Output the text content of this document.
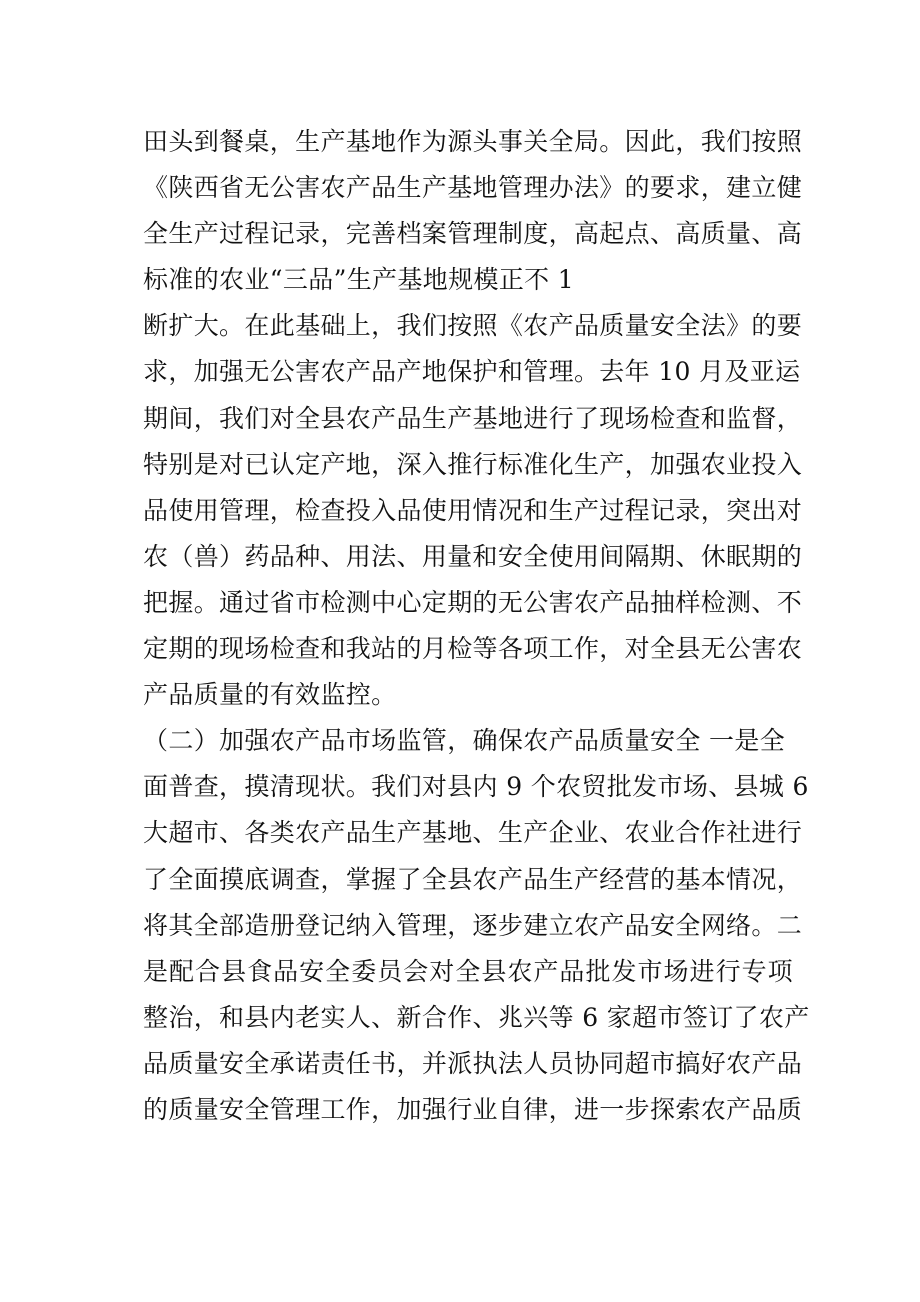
田头到餐桌，生产基地作为源头事关全局。因此，我们按照
《陕西省无公害农产品生产基地管理办法》的要求，建立健
全生产过程记录，完善档案管理制度，高起点、高质量、高
标准的农业“三品”生产基地规模正不 1
断扩大。在此基础上，我们按照《农产品质量安全法》的要
求，加强无公害农产品产地保护和管理。去年 10 月及亚运
期间，我们对全县农产品生产基地进行了现场检查和监督，
特别是对已认定产地，深入推行标准化生产，加强农业投入
品使用管理，检查投入品使用情况和生产过程记录，突出对
农（兽）药品种、用法、用量和安全使用间隔期、休眠期的
把握。通过省市检测中心定期的无公害农产品抽样检测、不
定期的现场检查和我站的月检等各项工作，对全县无公害农
产品质量的有效监控。
（二）加强农产品市场监管，确保农产品质量安全 一是全
面普查，摸清现状。我们对县内 9 个农贸批发市场、县城 6
大超市、各类农产品生产基地、生产企业、农业合作社进行
了全面摸底调查，掌握了全县农产品生产经营的基本情况，
将其全部造册登记纳入管理，逐步建立农产品安全网络。二
是配合县食品安全委员会对全县农产品批发市场进行专项
整治，和县内老实人、新合作、兆兴等 6 家超市签订了农产
品质量安全承诺责任书，并派执法人员协同超市搞好农产品
的质量安全管理工作，加强行业自律，进一步探索农产品质
